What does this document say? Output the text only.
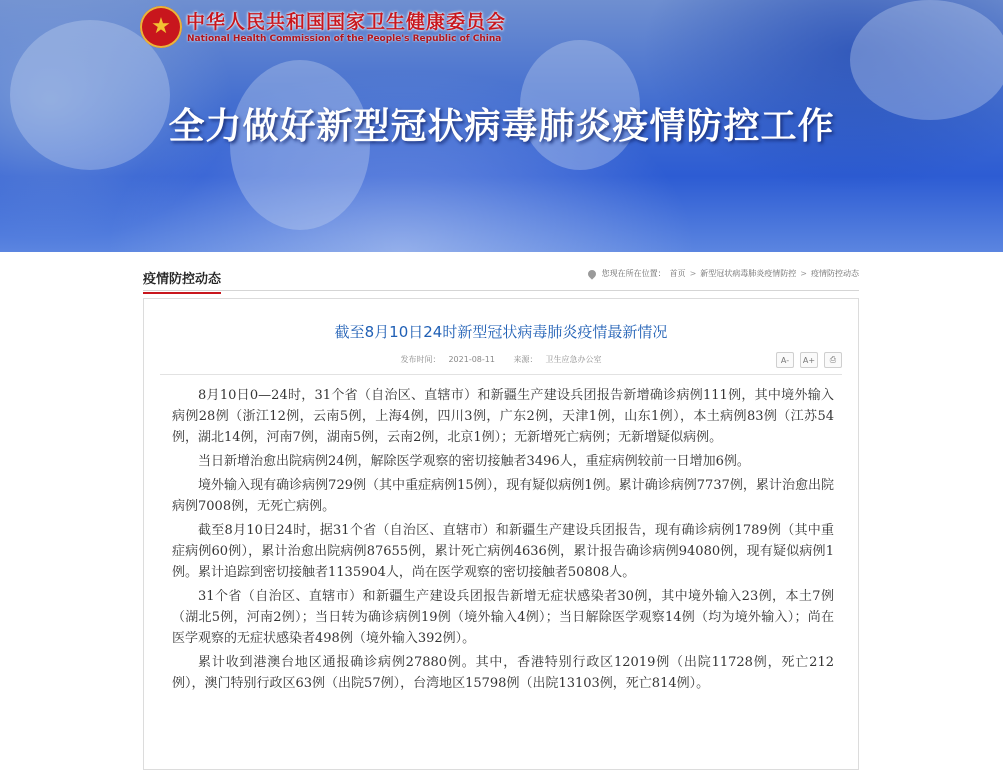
★ 中华人民共和国国家卫生健康委员会
National Health Commission of the People's Republic of China
全力做好新型冠状病毒肺炎疫情防控工作
疫情防控动态	您现在所在位置： 首页 > 新型冠状病毒肺炎疫情防控 > 疫情防控动态
截至8月10日24时新型冠状病毒肺炎疫情最新情况
发布时间： 2021-08-11 来源： 卫生应急办公室	A-	A+	⎙

8月10日0—24时，31个省（自治区、直辖市）和新疆生产建设兵团报告新增确诊病例111例，其中境外输入病例28例（浙江12例，云南5例，上海4例，四川3例，广东2例，天津1例，山东1例），本土病例83例（江苏54例，湖北14例，河南7例，湖南5例，云南2例，北京1例）；无新增死亡病例；无新增疑似病例。

当日新增治愈出院病例24例，解除医学观察的密切接触者3496人，重症病例较前一日增加6例。

境外输入现有确诊病例729例（其中重症病例15例），现有疑似病例1例。累计确诊病例7737例，累计治愈出院病例7008例，无死亡病例。

截至8月10日24时，据31个省（自治区、直辖市）和新疆生产建设兵团报告，现有确诊病例1789例（其中重症病例60例），累计治愈出院病例87655例，累计死亡病例4636例，累计报告确诊病例94080例，现有疑似病例1例。累计追踪到密切接触者1135904人，尚在医学观察的密切接触者50808人。

31个省（自治区、直辖市）和新疆生产建设兵团报告新增无症状感染者30例，其中境外输入23例，本土7例（湖北5例，河南2例）；当日转为确诊病例19例（境外输入4例）；当日解除医学观察14例（均为境外输入）；尚在医学观察的无症状感染者498例（境外输入392例）。

累计收到港澳台地区通报确诊病例27880例。其中，香港特别行政区12019例（出院11728例，死亡212例），澳门特别行政区63例（出院57例），台湾地区15798例（出院13103例，死亡814例）。
